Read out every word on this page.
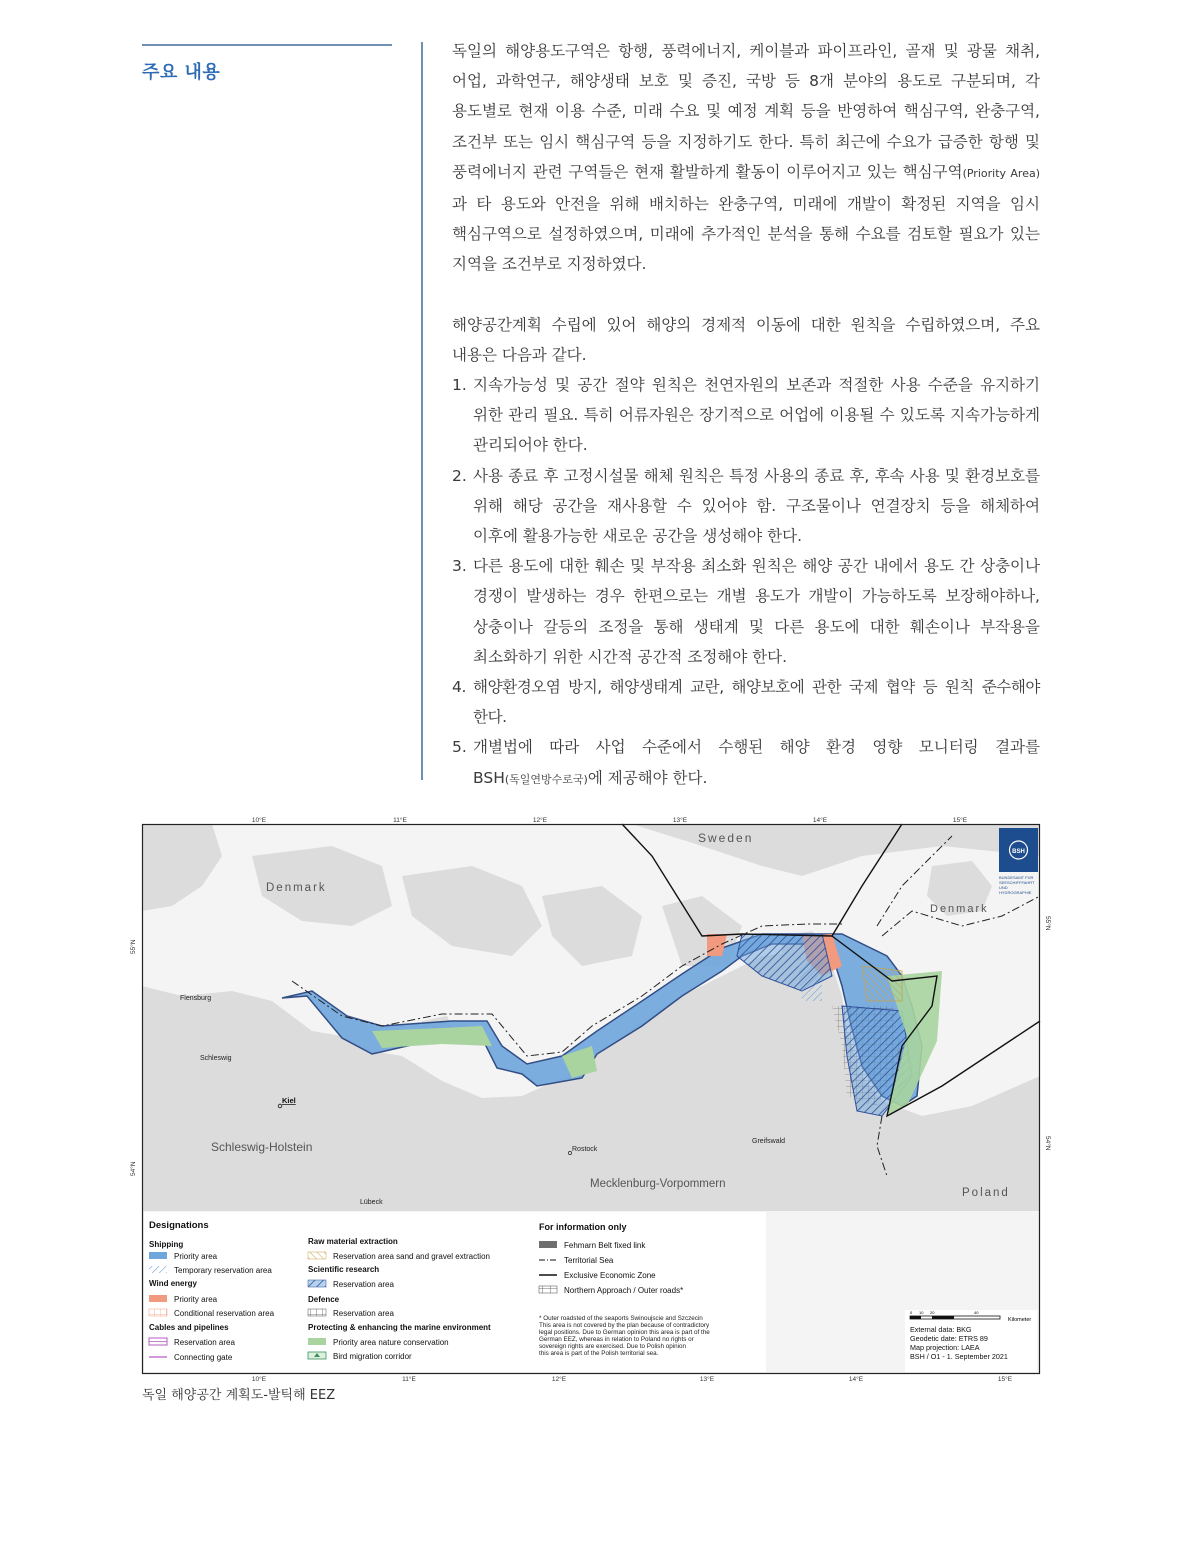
주요 내용

독일의 해양용도구역은 항행, 풍력에너지, 케이블과 파이프라인, 골재 및 광물 채취, 어업, 과학연구, 해양생태 보호 및 증진, 국방 등 8개 분야의 용도로 구분되며, 각 용도별로 현재 이용 수준, 미래 수요 및 예정 계획 등을 반영하여 핵심구역, 완충구역, 조건부 또는 임시 핵심구역 등을 지정하기도 한다. 특히 최근에 수요가 급증한 항행 및 풍력에너지 관련 구역들은 현재 활발하게 활동이 이루어지고 있는 핵심구역(Priority Area)과 타 용도와 안전을 위해 배치하는 완충구역, 미래에 개발이 확정된 지역을 임시 핵심구역으로 설정하였으며, 미래에 추가적인 분석을 통해 수요를 검토할 필요가 있는 지역을 조건부로 지정하였다.

해양공간계획 수립에 있어 해양의 경제적 이동에 대한 원칙을 수립하였으며, 주요 내용은 다음과 같다.

1. 지속가능성 및 공간 절약 원칙은 천연자원의 보존과 적절한 사용 수준을 유지하기 위한 관리 필요. 특히 어류자원은 장기적으로 어업에 이용될 수 있도록 지속가능하게 관리되어야 한다.
2. 사용 종료 후 고정시설물 해체 원칙은 특정 사용의 종료 후, 후속 사용 및 환경보호를 위해 해당 공간을 재사용할 수 있어야 함. 구조물이나 연결장치 등을 해체하여 이후에 활용가능한 새로운 공간을 생성해야 한다.
3. 다른 용도에 대한 훼손 및 부작용 최소화 원칙은 해양 공간 내에서 용도 간 상충이나 경쟁이 발생하는 경우 한편으로는 개별 용도가 개발이 가능하도록 보장해야하나, 상충이나 갈등의 조정을 통해 생태계 및 다른 용도에 대한 훼손이나 부작용을 최소화하기 위한 시간적 공간적 조정해야 한다.
4. 해양환경오염 방지, 해양생태계 교란, 해양보호에 관한 국제 협약 등 원칙 준수해야 한다.
5. 개별법에 따라 사업 수준에서 수행된 해양 환경 영향 모니터링 결과를 BSH(독일연방수로국)에 제공해야 한다.
10°E	11°E	12°E	13°E	14°E	15°E
10°E	11°E	12°E	13°E	14°E	15°E
55°N
54°N
55°N
54°N
Sweden
Denmark
Denmark
Flensburg
Schleswig
Kiel
Schleswig-Holstein	Rostock
Greifswald
Mecklenburg-Vorpommern
Lübeck
Poland
BSH
BUNDESAMT FÜR
SEESCHIFFFAHRT
UND
HYDROGRAPHIE
Designations
Shipping
Priority area
Temporary reservation area
Wind energy
Priority area
Conditional reservation area
Cables and pipelines
Reservation area
Connecting gate
Raw material extraction
Reservation area sand and gravel extraction
Scientific research
Reservation area
Defence
Reservation area
Protecting & enhancing the marine environment
Priority area nature conservation
Bird migration corridor
For information only
Fehmarn Belt fixed link
Territorial Sea
Exclusive Economic Zone
Northern Approach / Outer roads*
* Outer roadsted of the seaports Swinoujscie and Szczecin
This area is not covered by the plan because of contradictory
legal positions. Due to German opinion this area is part of the
German EEZ, whereas in relation to Poland no rights or
sovereign rights are exercised. Due to Polish opinion
this area is part of the Polish territorial sea.
0 10 20	40
Kilometer
External data: BKG
Geodetic date: ETRS 89
Map projection: LAEA
BSH / O1 - 1. September 2021
독일 해양공간 계획도-발틱해 EEZ
